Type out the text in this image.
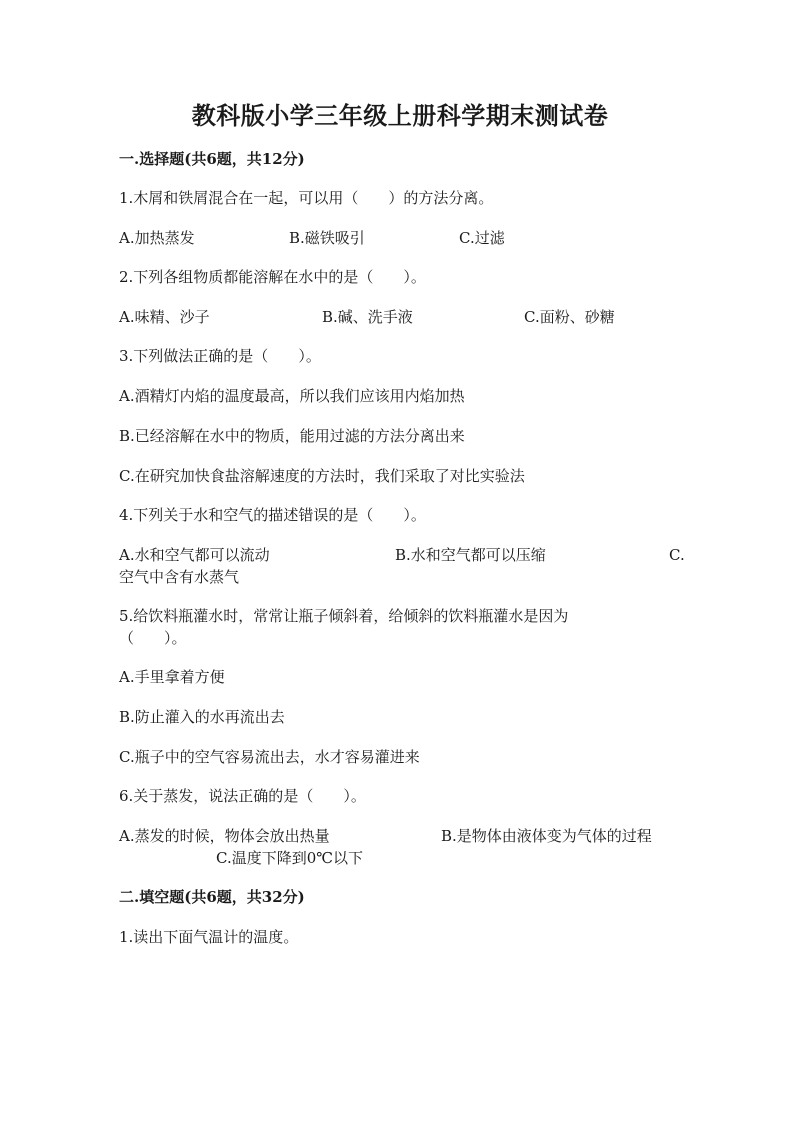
教科版小学三年级上册科学期末测试卷
一.选择题(共6题，共12分)
1.木屑和铁屑混合在一起，可以用（　　）的方法分离。
A.加热蒸发	B.磁铁吸引	C.过滤
2.下列各组物质都能溶解在水中的是（　　）。
A.味精、沙子	B.碱、洗手液	C.面粉、砂糖
3.下列做法正确的是（　　）。
A.酒精灯内焰的温度最高，所以我们应该用内焰加热
B.已经溶解在水中的物质，能用过滤的方法分离出来
C.在研究加快食盐溶解速度的方法时，我们采取了对比实验法
4.下列关于水和空气的描述错误的是（　　）。
A.水和空气都可以流动	B.水和空气都可以压缩	C.
空气中含有水蒸气
5.给饮料瓶灌水时，常常让瓶子倾斜着，给倾斜的饮料瓶灌水是因为
（　　）。
A.手里拿着方便
B.防止灌入的水再流出去
C.瓶子中的空气容易流出去，水才容易灌进来
6.关于蒸发，说法正确的是（　　）。
A.蒸发的时候，物体会放出热量	B.是物体由液体变为气体的过程
C.温度下降到0℃以下
二.填空题(共6题，共32分)
1.读出下面气温计的温度。
